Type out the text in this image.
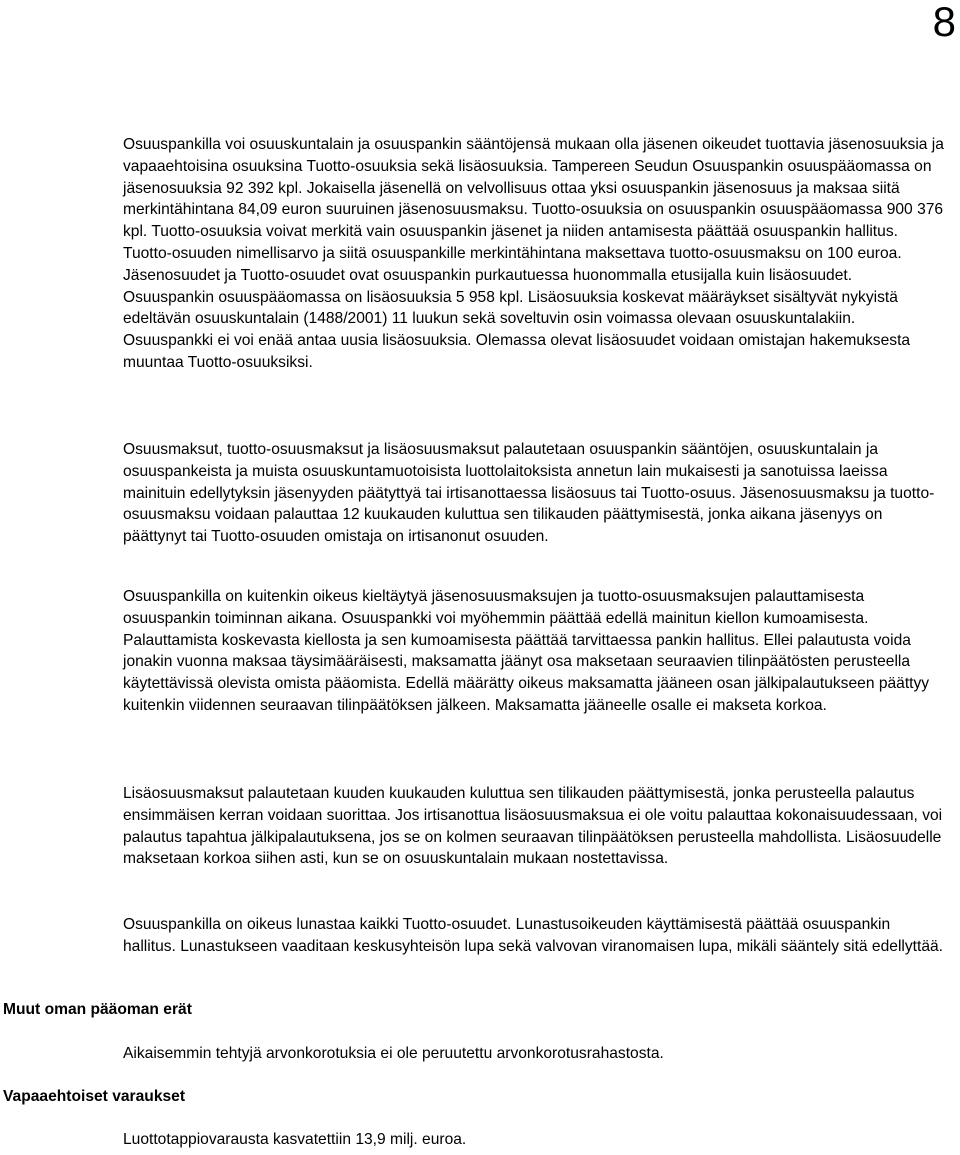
8

Osuuspankilla voi osuuskuntalain ja osuuspankin sääntöjensä mukaan olla jäsenen oikeudet tuottavia jäsenosuuksia ja vapaaehtoisina osuuksina Tuotto-osuuksia sekä lisäosuuksia. Tampereen Seudun Osuuspankin osuuspääomassa on jäsenosuuksia 92 392 kpl. Jokaisella jäsenellä on velvollisuus ottaa yksi osuuspankin jäsenosuus ja maksaa siitä merkintähintana 84,09 euron suuruinen jäsenosuusmaksu. Tuotto-osuuksia on osuuspankin osuuspääomassa 900 376 kpl. Tuotto-osuuksia voivat merkitä vain osuuspankin jäsenet ja niiden antamisesta päättää osuuspankin hallitus. Tuotto-osuuden nimellisarvo ja siitä osuuspankille merkintähintana maksettava tuotto-osuusmaksu on 100 euroa. Jäsenosuudet ja Tuotto-osuudet ovat osuuspankin purkautuessa huonommalla etusijalla kuin lisäosuudet. Osuuspankin osuuspääomassa on lisäosuuksia 5 958 kpl. Lisäosuuksia koskevat määräykset sisältyvät nykyistä edeltävän osuuskuntalain (1488/2001) 11 luukun sekä soveltuvin osin voimassa olevaan osuuskuntalakiin. Osuuspankki ei voi enää antaa uusia lisäosuuksia. Olemassa olevat lisäosuudet voidaan omistajan hakemuksesta muuntaa Tuotto-osuuksiksi.

Osuusmaksut, tuotto-osuusmaksut ja lisäosuusmaksut palautetaan osuuspankin sääntöjen, osuuskuntalain ja osuuspankeista ja muista osuuskuntamuotoisista luottolaitoksista annetun lain mukaisesti ja sanotuissa laeissa mainituin edellytyksin jäsenyyden päätyttyä tai irtisanottaessa lisäosuus tai Tuotto-osuus. Jäsenosuusmaksu ja tuotto-osuusmaksu voidaan palauttaa 12 kuukauden kuluttua sen tilikauden päättymisestä, jonka aikana jäsenyys on päättynyt tai Tuotto-osuuden omistaja on irtisanonut osuuden.

Osuuspankilla on kuitenkin oikeus kieltäytyä jäsenosuusmaksujen ja tuotto-osuusmaksujen palauttamisesta osuuspankin toiminnan aikana. Osuuspankki voi myöhemmin päättää edellä mainitun kiellon kumoamisesta. Palauttamista koskevasta kiellosta ja sen kumoamisesta päättää tarvittaessa pankin hallitus. Ellei palautusta voida jonakin vuonna maksaa täysimääräisesti, maksamatta jäänyt osa maksetaan seuraavien tilinpäätösten perusteella käytettävissä olevista omista pääomista. Edellä määrätty oikeus maksamatta jääneen osan jälkipalautukseen päättyy kuitenkin viidennen seuraavan tilinpäätöksen jälkeen. Maksamatta jääneelle osalle ei makseta korkoa.

Lisäosuusmaksut palautetaan kuuden kuukauden kuluttua sen tilikauden päättymisestä, jonka perusteella palautus ensimmäisen kerran voidaan suorittaa. Jos irtisanottua lisäosuusmaksua ei ole voitu palauttaa kokonaisuudessaan, voi palautus tapahtua jälkipalautuksena, jos se on kolmen seuraavan tilinpäätöksen perusteella mahdollista. Lisäosuudelle maksetaan korkoa siihen asti, kun se on osuuskuntalain mukaan nostettavissa.

Osuuspankilla on oikeus lunastaa kaikki Tuotto-osuudet. Lunastusoikeuden käyttämisestä päättää osuuspankin hallitus. Lunastukseen vaaditaan keskusyhteisön lupa sekä valvovan viranomaisen lupa, mikäli sääntely sitä edellyttää.

Muut oman pääoman erät

Aikaisemmin tehtyjä arvonkorotuksia ei ole peruutettu arvonkorotusrahastosta.

Vapaaehtoiset varaukset

Luottotappiovarausta kasvatettiin 13,9 milj. euroa.
